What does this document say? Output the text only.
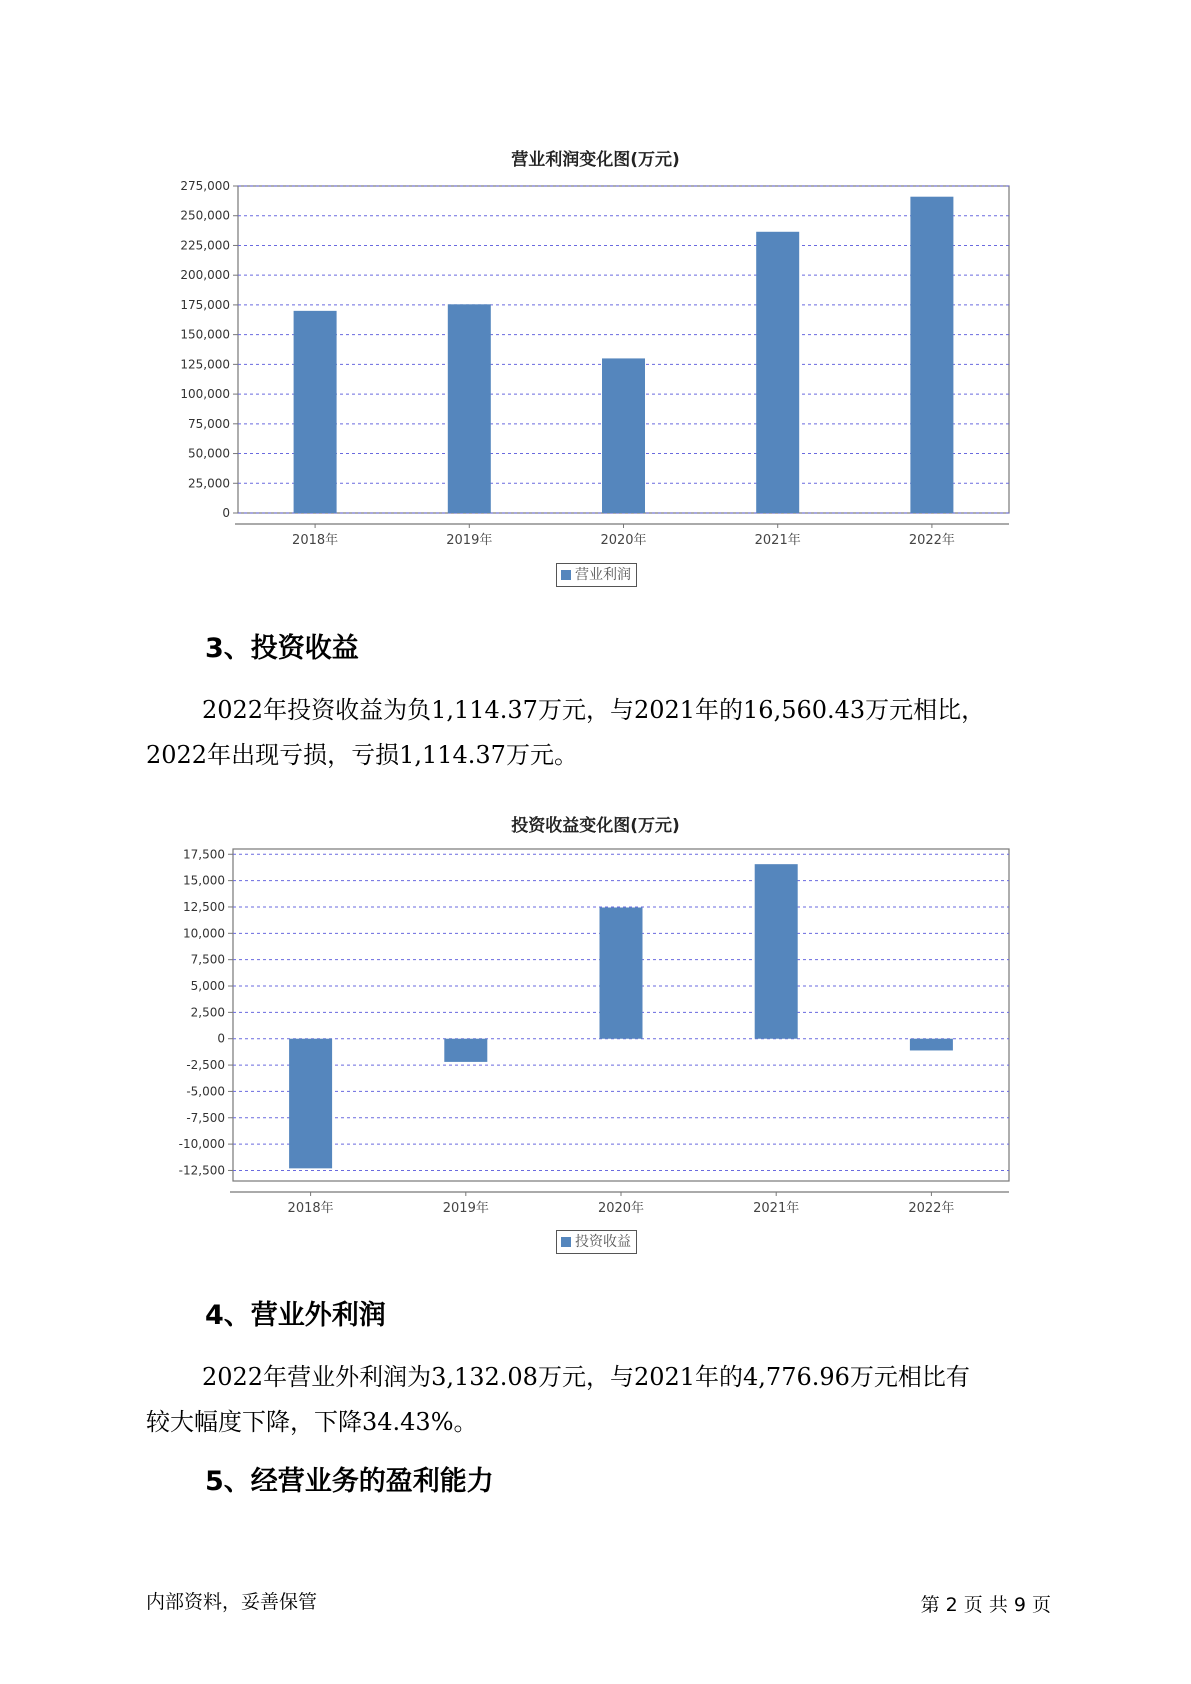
营业利润变化图(万元)
0
25,000
50,000
75,000
100,000
125,000
150,000
175,000
200,000
225,000
250,000
275,000
2018年	2019年	2020年	2021年	2022年
营业利润
3、投资收益
2022年投资收益为负1,114.37万元，与2021年的16,560.43万元相比，
2022年出现亏损，亏损1,114.37万元。
投资收益变化图(万元)
-12,500
-10,000
-7,500
-5,000
-2,500
0
2,500
5,000
7,500
10,000
12,500
15,000
17,500
2018年	2019年	2020年	2021年	2022年
投资收益
4、营业外利润
2022年营业外利润为3,132.08万元，与2021年的4,776.96万元相比有
较大幅度下降，下降34.43%。
5、经营业务的盈利能力
内部资料，妥善保管	第 2 页 共 9 页
